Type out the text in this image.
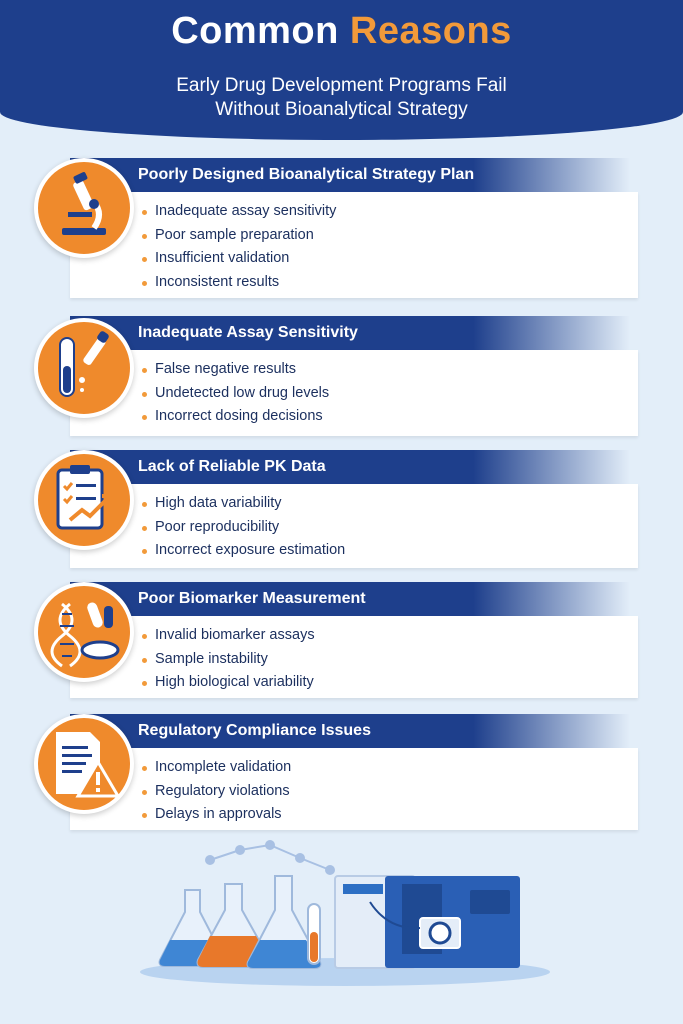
Common Reasons
Early Drug Development Programs Fail
Without Bioanalytical Strategy
Poorly Designed Bioanalytical Strategy Plan
Inadequate assay sensitivity
Poor sample preparation
Insufficient validation
Inconsistent results
Inadequate Assay Sensitivity
False negative results
Undetected low drug levels
Incorrect dosing decisions
Lack of Reliable PK Data
High data variability
Poor reproducibility
Incorrect exposure estimation
Poor Biomarker Measurement
Invalid biomarker assays
Sample instability
High biological variability
Regulatory Compliance Issues
Incomplete validation
Regulatory violations
Delays in approvals
